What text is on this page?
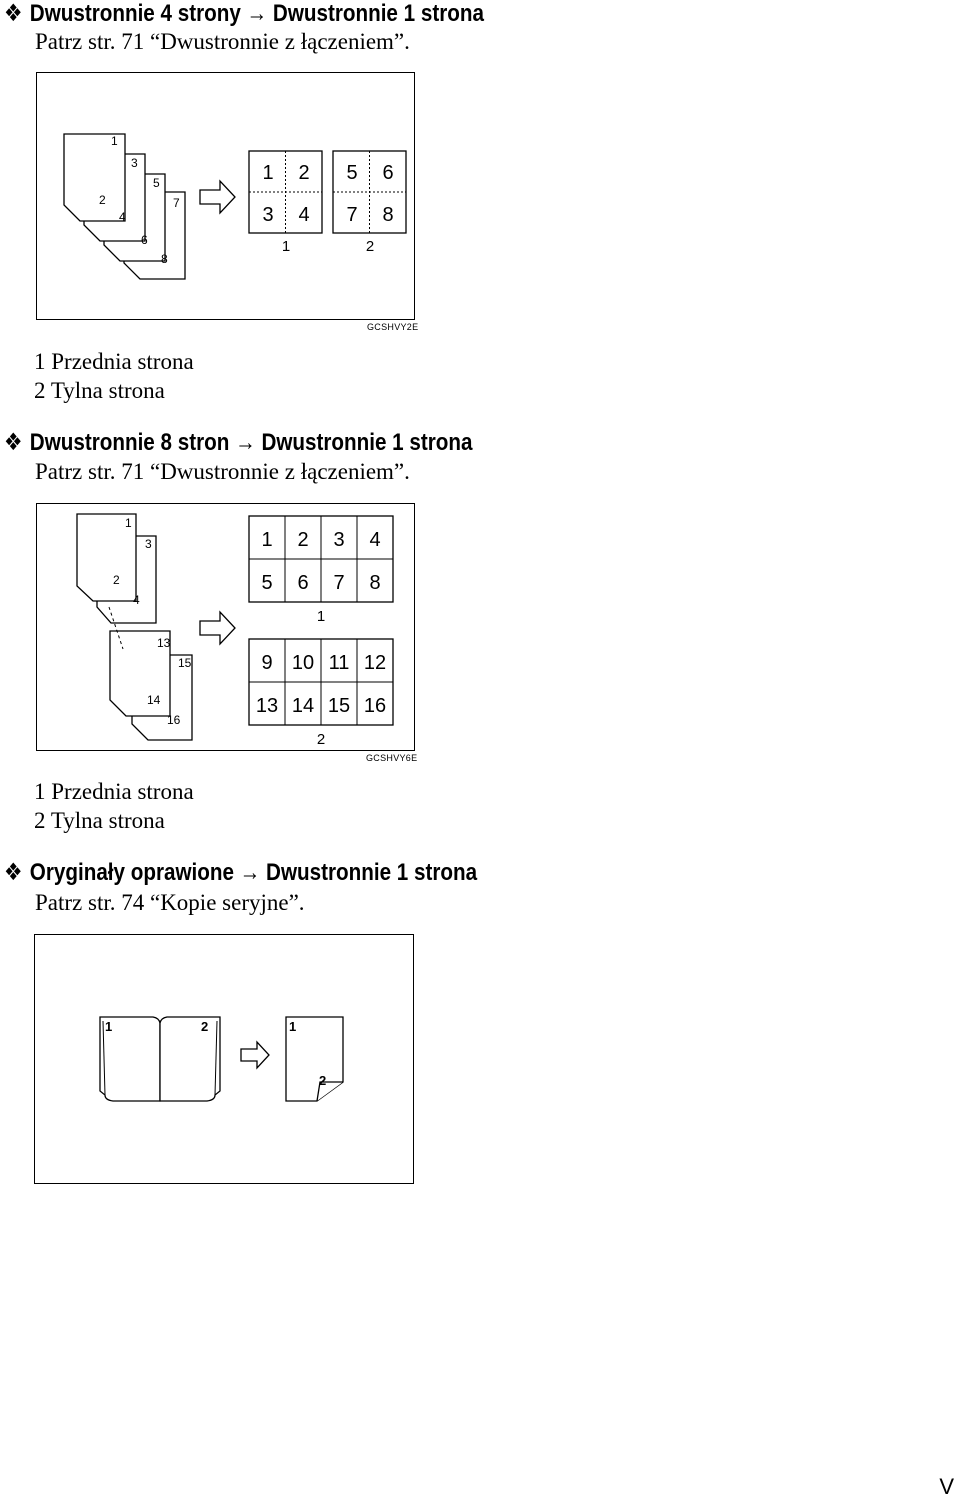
❖ Dwustronnie 4 strony → Dwustronnie 1 strona
Patrz str. 71 “Dwustronnie z łączeniem”.
1
2
3
4
5
6
7
8
1 2
3 4
5 6
7 8
1	2
GCSHVY2E
1 Przednia strona
2 Tylna strona
❖ Dwustronnie 8 stron → Dwustronnie 1 strona
Patrz str. 71 “Dwustronnie z łączeniem”.
1
2
3
4
13
14
15
16
1 2 3 4
5 6 7 8
9 10 11 12
13 14 15 16
1
2
GCSHVY6E
1 Przednia strona
2 Tylna strona
❖ Oryginały oprawione → Dwustronnie 1 strona
Patrz str. 74 “Kopie seryjne”.
1	2	1
2
V
